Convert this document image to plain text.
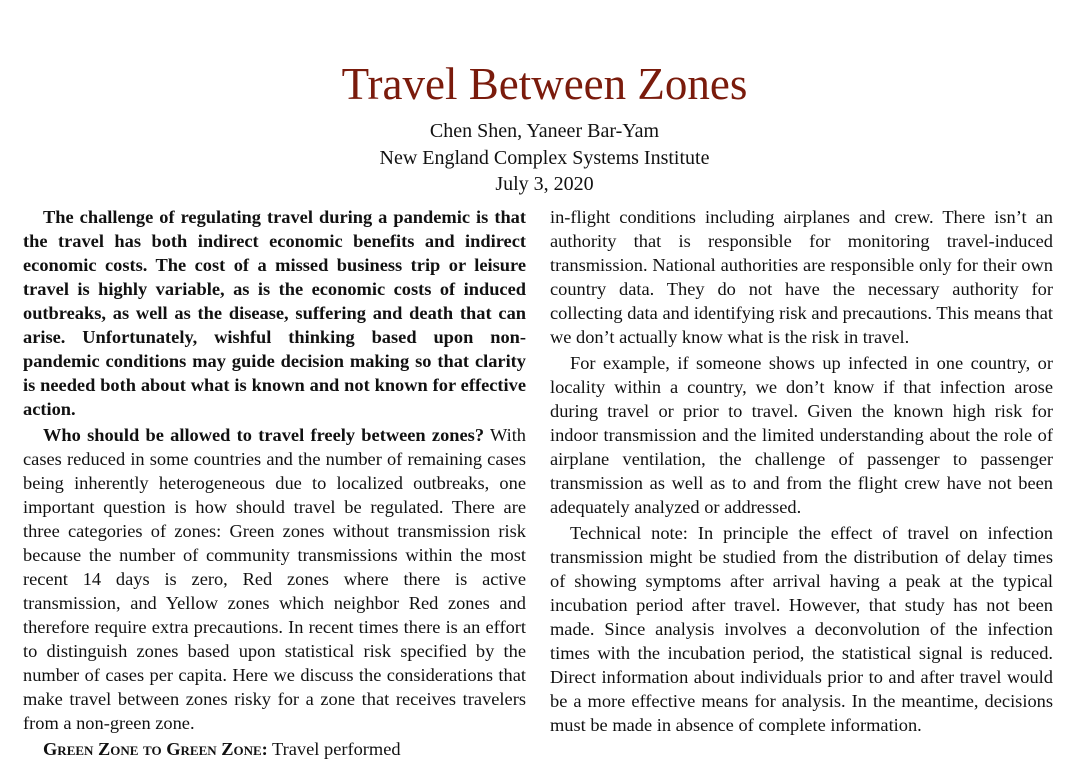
Travel Between Zones
Chen Shen, Yaneer Bar-Yam
New England Complex Systems Institute
July 3, 2020

The challenge of regulating travel during a pandemic is that the travel has both indirect economic benefits and indirect economic costs. The cost of a missed business trip or leisure travel is highly variable, as is the economic costs of induced outbreaks, as well as the disease, suffering and death that can arise. Unfortunately, wishful thinking based upon non-pandemic conditions may guide decision making so that clarity is needed both about what is known and not known for effective action.

Who should be allowed to travel freely between zones? With cases reduced in some countries and the number of remaining cases being inherently heterogeneous due to localized outbreaks, one important question is how should travel be regulated. There are three categories of zones: Green zones without transmission risk because the number of community transmissions within the most recent 14 days is zero, Red zones where there is active transmission, and Yellow zones which neighbor Red zones and therefore require extra precautions. In recent times there is an effort to distinguish zones based upon statistical risk specified by the number of cases per capita. Here we discuss the considerations that make travel between zones risky for a zone that receives travelers from a non-green zone.

Green Zone to Green Zone: Travel performed

in-flight conditions including airplanes and crew. There isn’t an authority that is responsible for monitoring travel-induced transmission. National authorities are responsible only for their own country data. They do not have the necessary authority for collecting data and identifying risk and precautions. This means that we don’t actually know what is the risk in travel.

For example, if someone shows up infected in one country, or locality within a country, we don’t know if that infection arose during travel or prior to travel. Given the known high risk for indoor transmission and the limited understanding about the role of airplane ventilation, the challenge of passenger to passenger transmission as well as to and from the flight crew have not been adequately analyzed or addressed.

Technical note: In principle the effect of travel on infection transmission might be studied from the distribution of delay times of showing symptoms after arrival having a peak at the typical incubation period after travel. However, that study has not been made. Since analysis involves a deconvolution of the infection times with the incubation period, the statistical signal is reduced. Direct information about individuals prior to and after travel would be a more effective means for analysis. In the meantime, decisions must be made in absence of complete information.
